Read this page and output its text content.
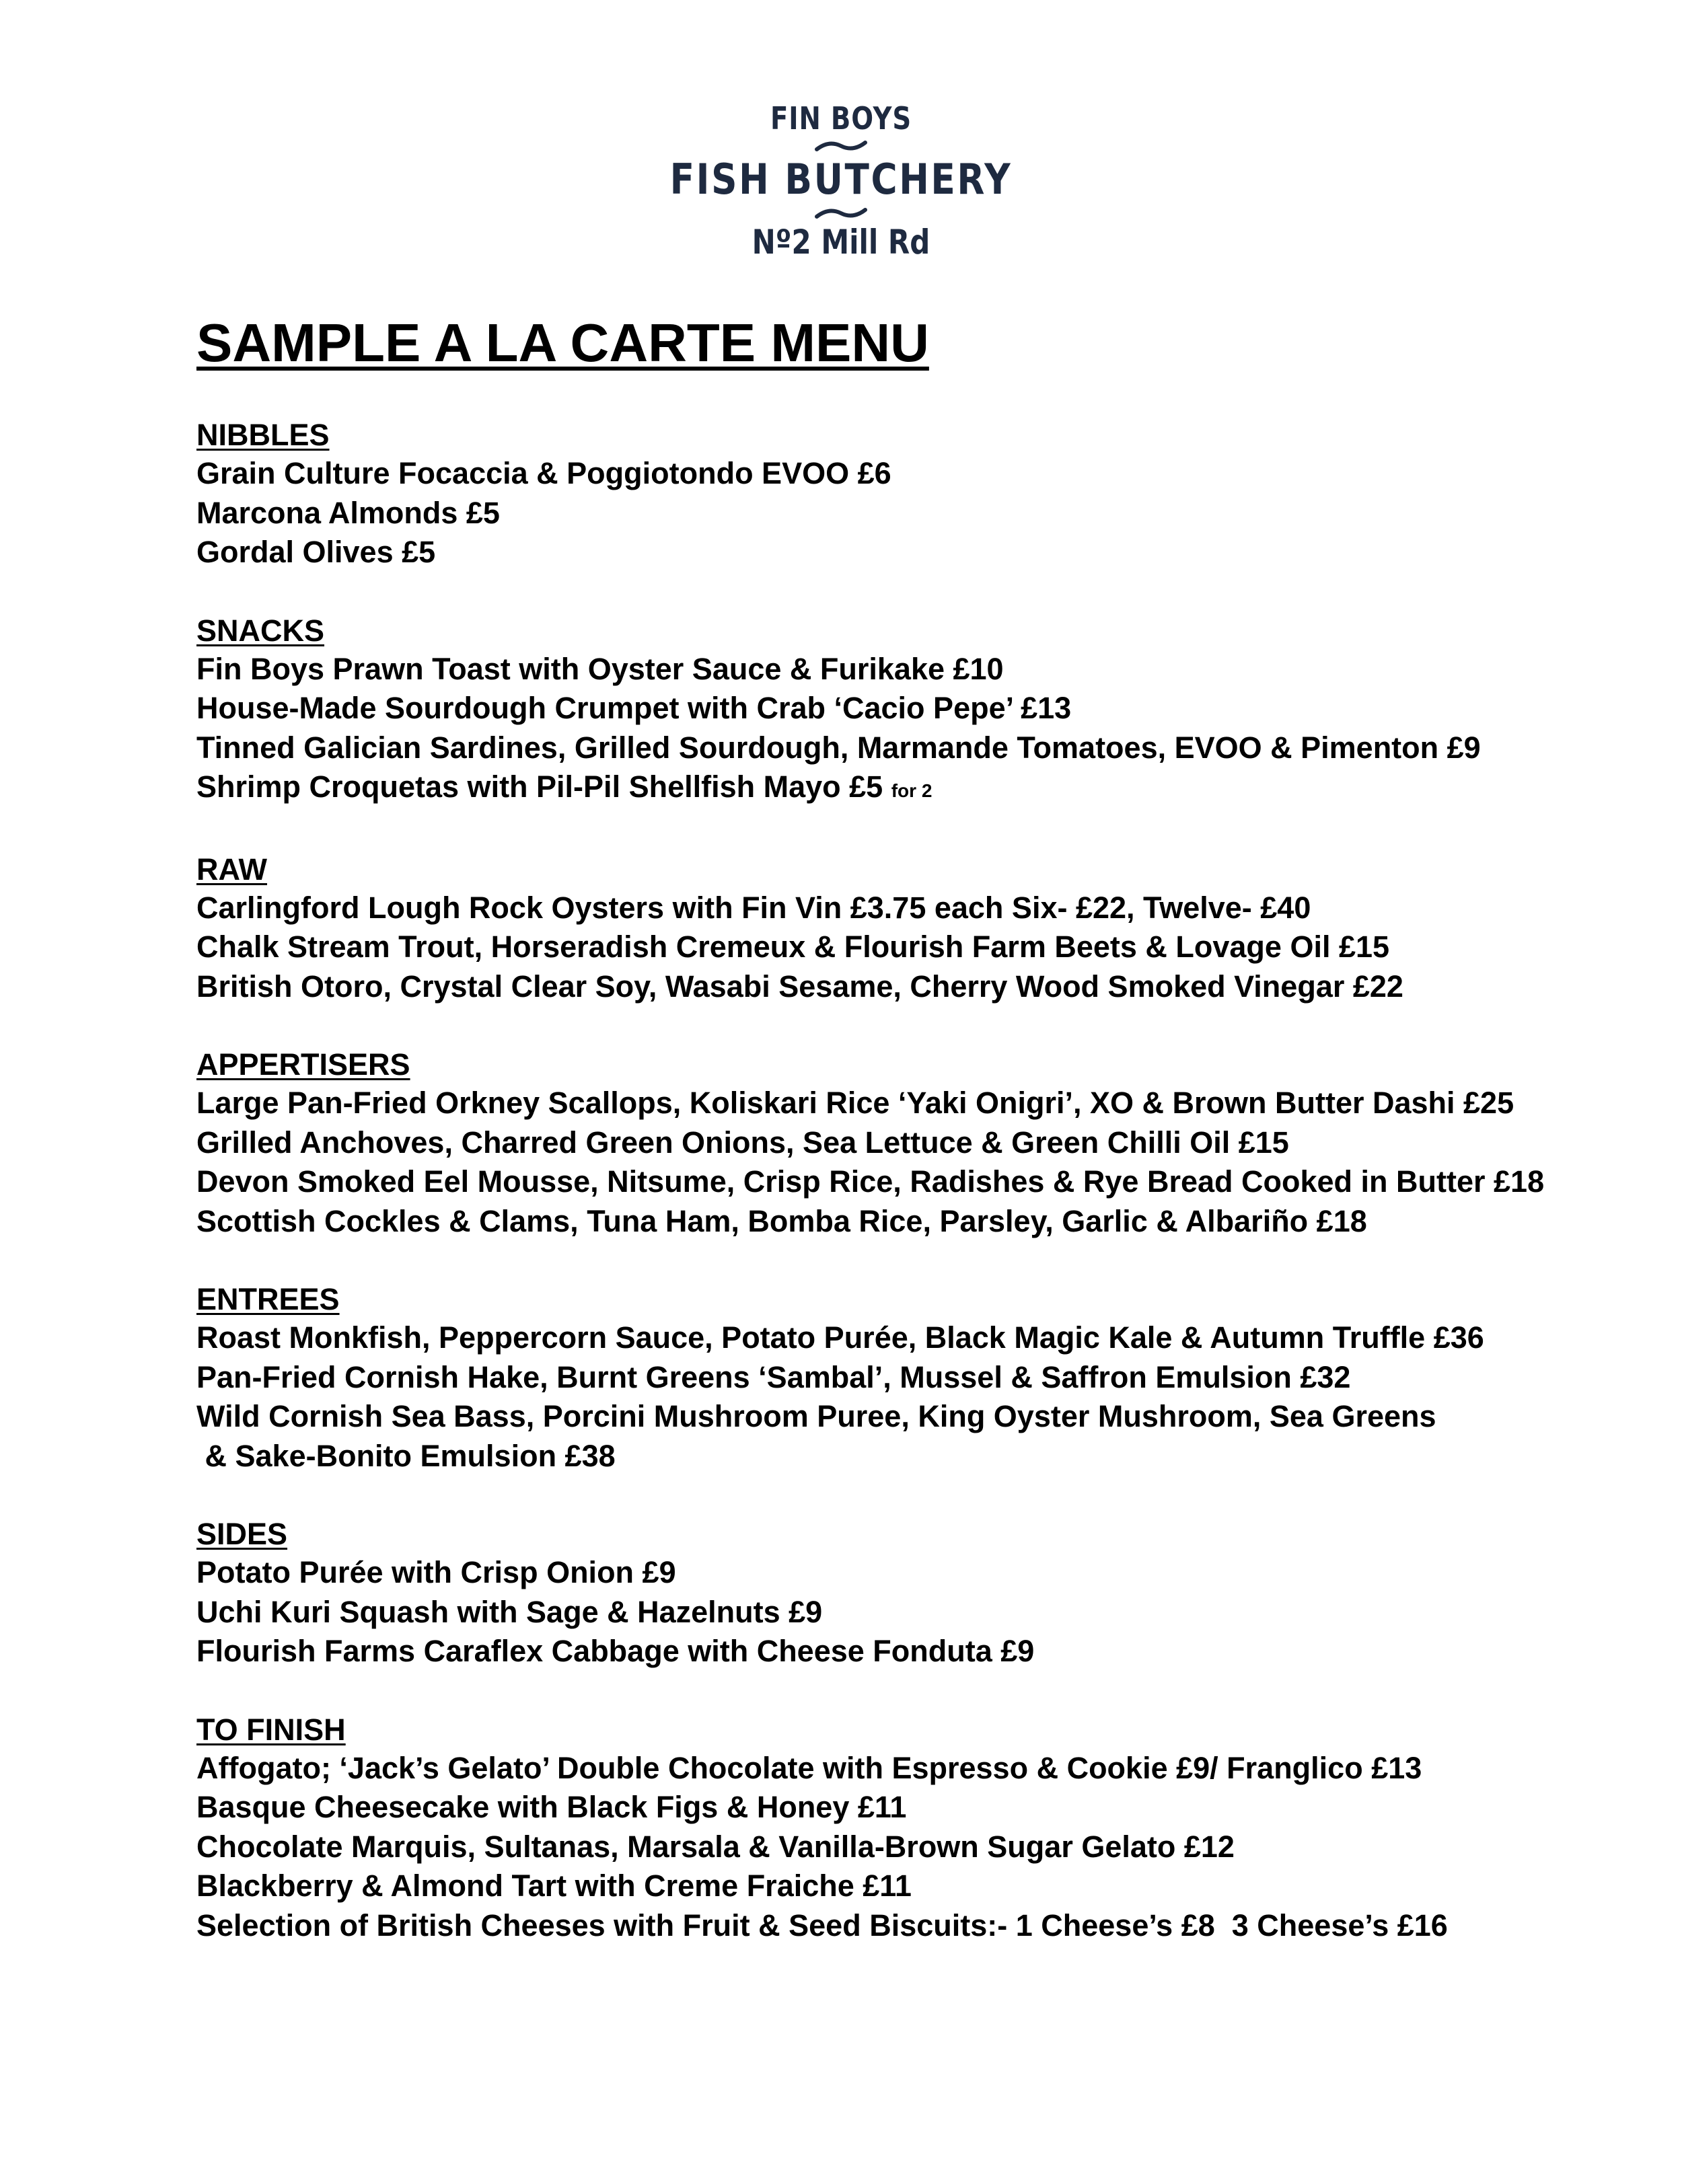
FIN BOYS
FISH BUTCHERY
Nº2 Mill Rd
SAMPLE A LA CARTE MENU
NIBBLES
Grain Culture Focaccia & Poggiotondo EVOO £6
Marcona Almonds £5
Gordal Olives £5
SNACKS
Fin Boys Prawn Toast with Oyster Sauce & Furikake £10
House-Made Sourdough Crumpet with Crab ‘Cacio Pepe’ £13
Tinned Galician Sardines, Grilled Sourdough, Marmande Tomatoes, EVOO & Pimenton £9
Shrimp Croquetas with Pil-Pil Shellfish Mayo £5 for 2
RAW
Carlingford Lough Rock Oysters with Fin Vin £3.75 each Six- £22, Twelve- £40
Chalk Stream Trout, Horseradish Cremeux & Flourish Farm Beets & Lovage Oil £15
British Otoro, Crystal Clear Soy, Wasabi Sesame, Cherry Wood Smoked Vinegar £22
APPERTISERS
Large Pan-Fried Orkney Scallops, Koliskari Rice ‘Yaki Onigri’, XO & Brown Butter Dashi £25
Grilled Anchoves, Charred Green Onions, Sea Lettuce & Green Chilli Oil £15
Devon Smoked Eel Mousse, Nitsume, Crisp Rice, Radishes & Rye Bread Cooked in Butter £18
Scottish Cockles & Clams, Tuna Ham, Bomba Rice, Parsley, Garlic & Albariño £18
ENTREES
Roast Monkfish, Peppercorn Sauce, Potato Purée, Black Magic Kale & Autumn Truffle £36
Pan-Fried Cornish Hake, Burnt Greens ‘Sambal’, Mussel & Saffron Emulsion £32
Wild Cornish Sea Bass, Porcini Mushroom Puree, King Oyster Mushroom, Sea Greens
& Sake-Bonito Emulsion £38
SIDES
Potato Purée with Crisp Onion £9
Uchi Kuri Squash with Sage & Hazelnuts £9
Flourish Farms Caraflex Cabbage with Cheese Fonduta £9
TO FINISH
Affogato; ‘Jack’s Gelato’ Double Chocolate with Espresso & Cookie £9/ Franglico £13
Basque Cheesecake with Black Figs & Honey £11
Chocolate Marquis, Sultanas, Marsala & Vanilla-Brown Sugar Gelato £12
Blackberry & Almond Tart with Creme Fraiche £11
Selection of British Cheeses with Fruit & Seed Biscuits:- 1 Cheese’s £8  3 Cheese’s £16
